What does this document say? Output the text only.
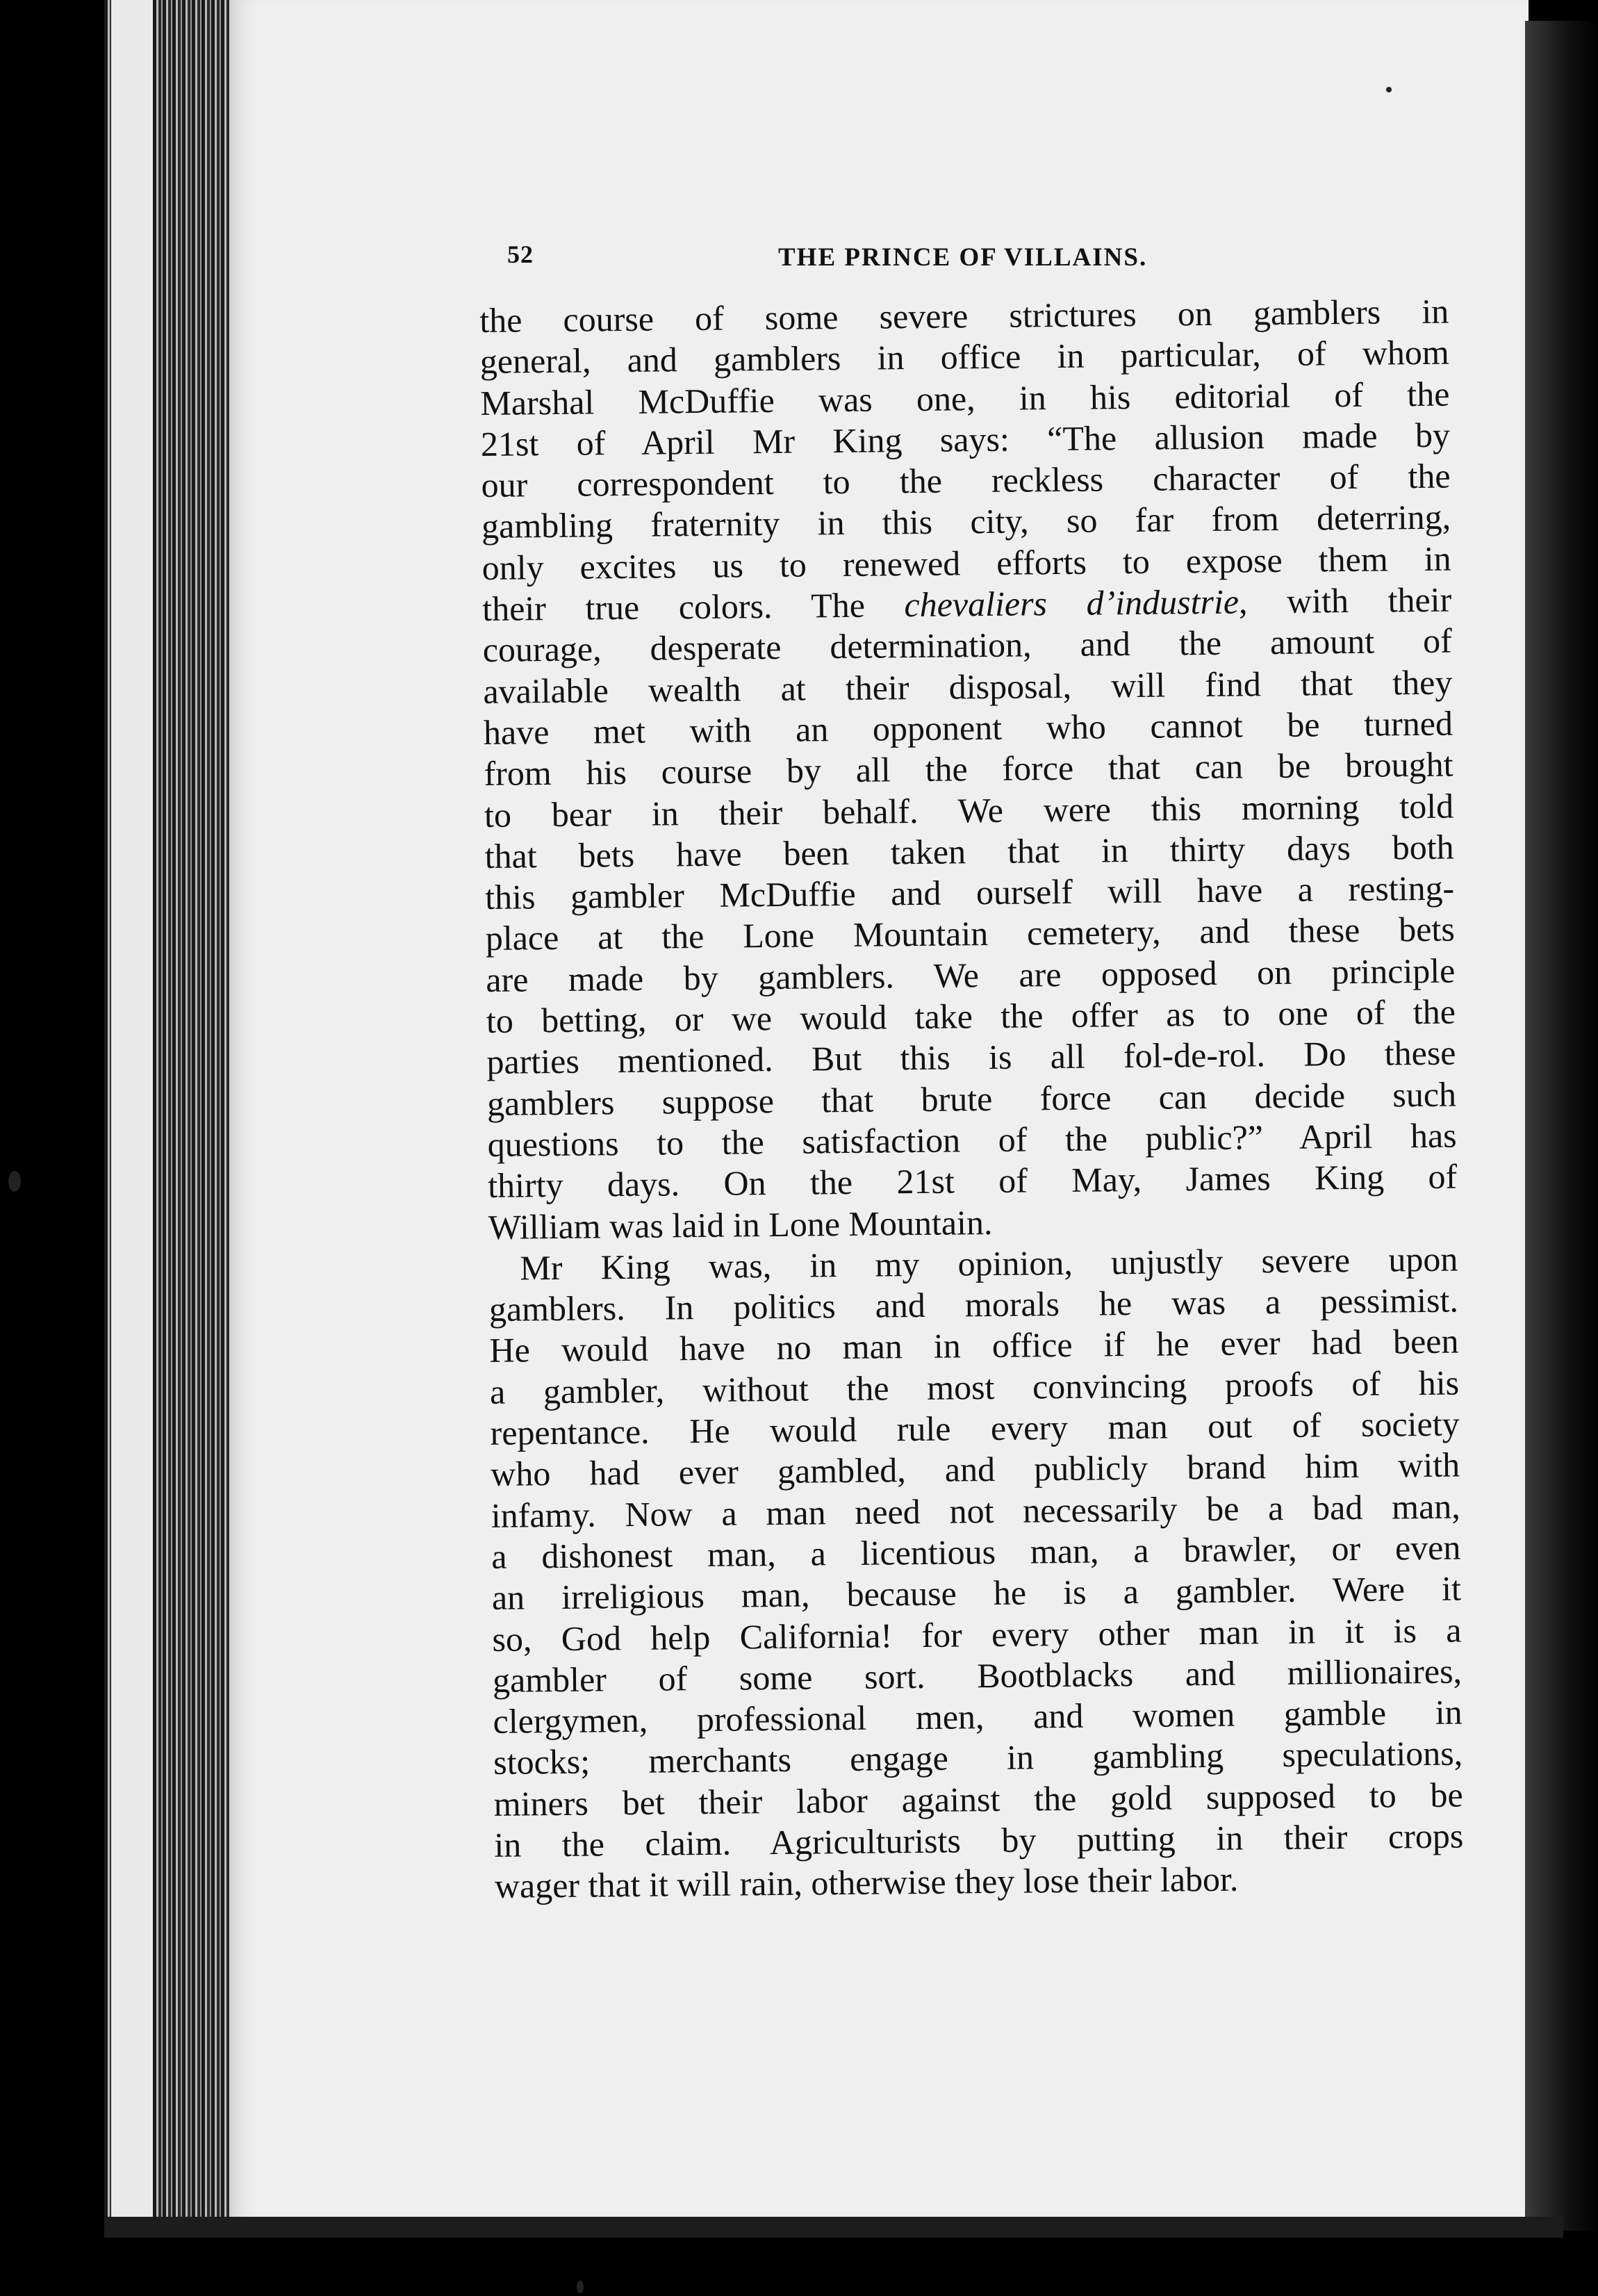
52	THE PRINCE OF VILLAINS.
the course of some severe strictures on gamblers in
general, and gamblers in office in particular, of whom
Marshal McDuffie was one, in his editorial of the
21st of April Mr King says: “The allusion made by
our correspondent to the reckless character of the
gambling fraternity in this city, so far from deterring,
only excites us to renewed efforts to expose them in
their true colors. The chevaliers d’industrie, with their
courage, desperate determination, and the amount of
available wealth at their disposal, will find that they
have met with an opponent who cannot be turned
from his course by all the force that can be brought
to bear in their behalf. We were this morning told
that bets have been taken that in thirty days both
this gambler McDuffie and ourself will have a resting-
place at the Lone Mountain cemetery, and these bets
are made by gamblers. We are opposed on principle
to betting, or we would take the offer as to one of the
parties mentioned. But this is all fol-de-rol. Do these
gamblers suppose that brute force can decide such
questions to the satisfaction of the public?” April has
thirty days. On the 21st of May, James King of
William was laid in Lone Mountain.
Mr King was, in my opinion, unjustly severe upon
gamblers. In politics and morals he was a pessimist.
He would have no man in office if he ever had been
a gambler, without the most convincing proofs of his
repentance. He would rule every man out of society
who had ever gambled, and publicly brand him with
infamy. Now a man need not necessarily be a bad man,
a dishonest man, a licentious man, a brawler, or even
an irreligious man, because he is a gambler. Were it
so, God help California! for every other man in it is a
gambler of some sort. Bootblacks and millionaires,
clergymen, professional men, and women gamble in
stocks; merchants engage in gambling speculations,
miners bet their labor against the gold supposed to be
in the claim. Agriculturists by putting in their crops
wager that it will rain, otherwise they lose their labor.
